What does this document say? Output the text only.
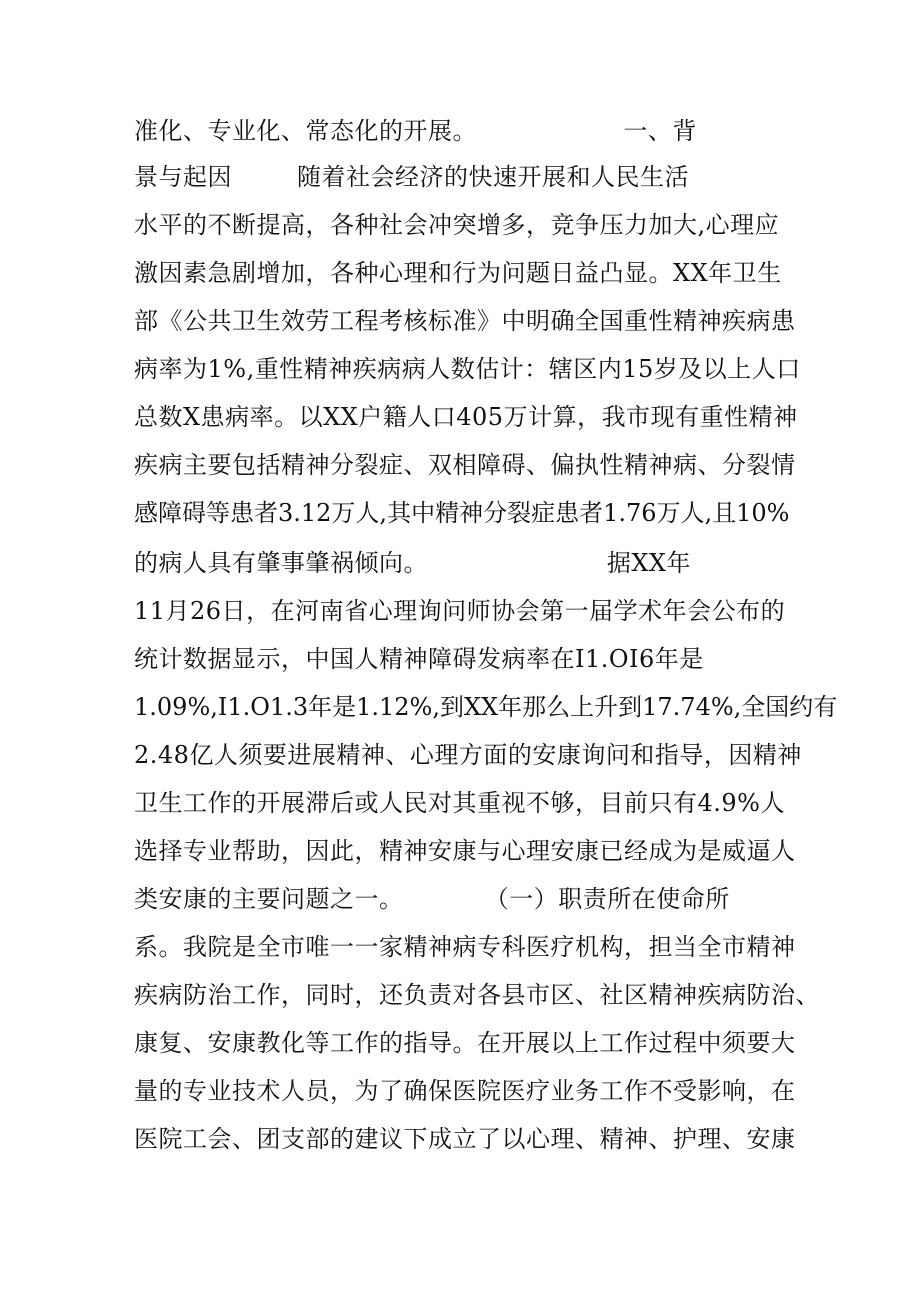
准化、专业化、常态化的开展。                  一、背
景与起因        随着社会经济的快速开展和人民生活
水平的不断提高，各种社会冲突增多，竞争压力加大,心理应
激因素急剧增加，各种心理和行为问题日益凸显。XX年卫生
部《公共卫生效劳工程考核标准》中明确全国重性精神疾病患
病率为1%,重性精神疾病病人数估计：辖区内15岁及以上人口
总数X患病率。以XX户籍人口405万计算，我市现有重性精神
疾病主要包括精神分裂症、双相障碍、偏执性精神病、分裂情
感障碍等患者3.12万人,其中精神分裂症患者1.76万人,且10%
的病人具有肇事肇祸倾向。                      据XX年
11月26日，在河南省心理询问师协会第一届学术年会公布的
统计数据显示，中国人精神障碍发病率在I1.OI6年是
1.09%,I1.O1.3年是1.12%,到XX年那么上升到17.74%,全国约有
2.48亿人须要进展精神、心理方面的安康询问和指导，因精神
卫生工作的开展滞后或人民对其重视不够，目前只有4.9%人
选择专业帮助，因此，精神安康与心理安康已经成为是威逼人
类安康的主要问题之一。          （一）职责所在使命所
系。我院是全市唯一一家精神病专科医疗机构，担当全市精神
疾病防治工作，同时，还负责对各县市区、社区精神疾病防治、
康复、安康教化等工作的指导。在开展以上工作过程中须要大
量的专业技术人员，为了确保医院医疗业务工作不受影响，在
医院工会、团支部的建议下成立了以心理、精神、护理、安康
